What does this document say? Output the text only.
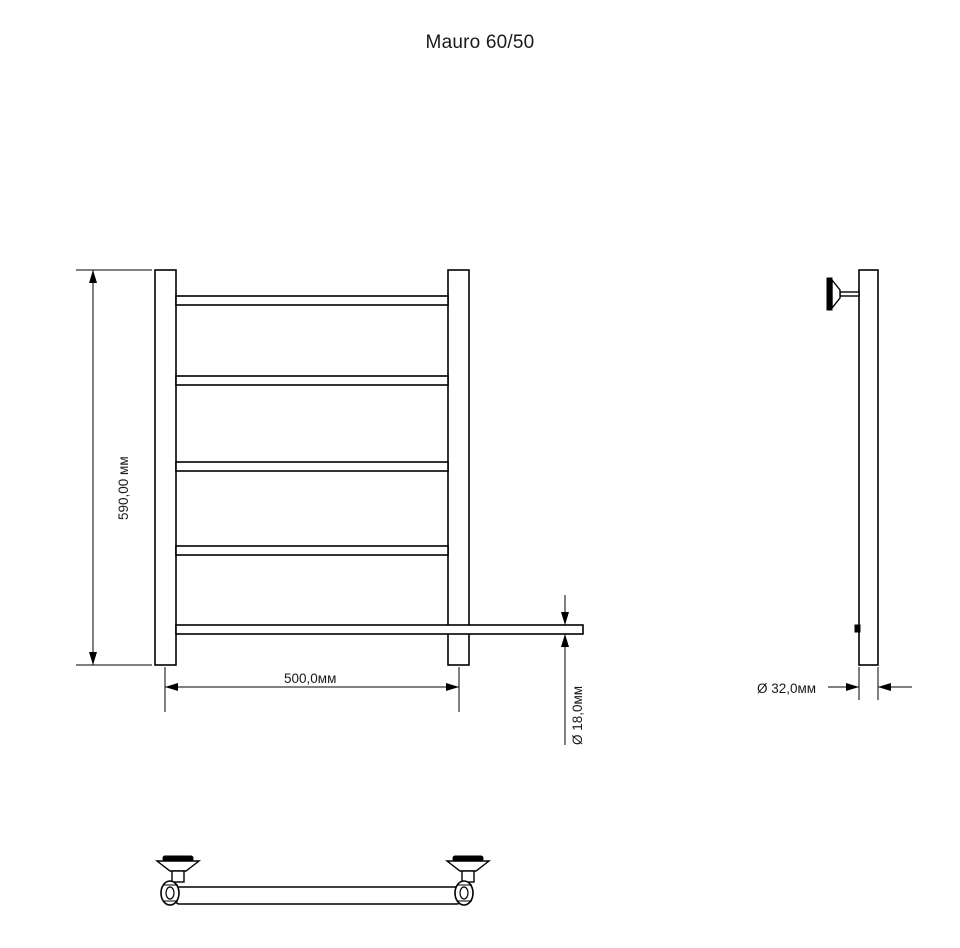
Mauro 60/50
590,00 мм
500,0мм
Ø 18,0мм	Ø 32,0мм
